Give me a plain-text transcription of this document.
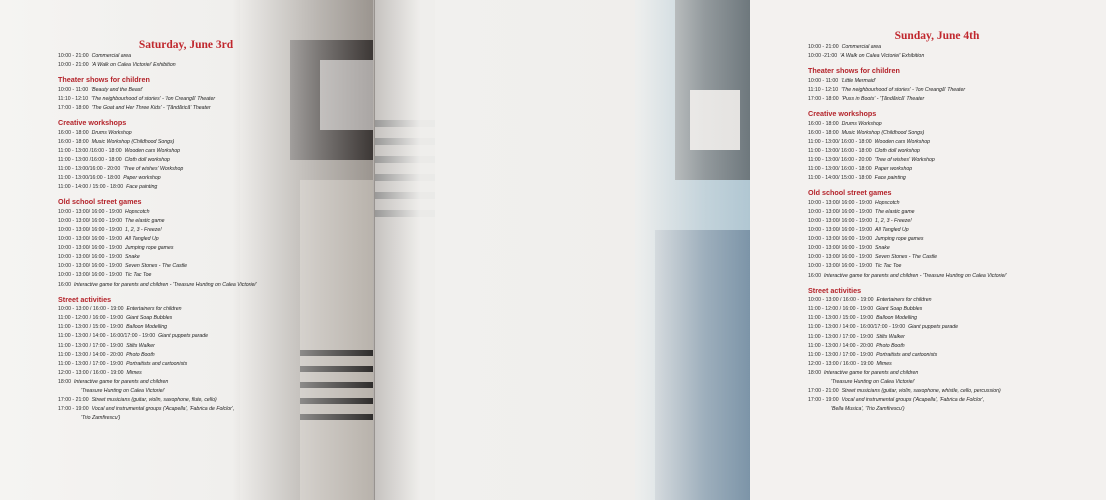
Saturday, June 3rd
10:00 - 21:00 Commercial area
10:00 - 21:00 'A Walk on Calea Victoriei' Exhibition
Theater shows for children
10:00 - 11:00 'Beauty and the Beast'
11:10 - 12:10 'The neighbourhood of stories' - 'Ion Creangă' Theater
17:00 - 18:00 'The Goat and Her Three Kids' - 'Țăndărică' Theater
Creative workshops
16:00 - 18:00 Drums Workshop
16:00 - 18:00 Music Workshop (Childhood Songs)
11:00 - 13:00 /16:00 - 18:00 Wooden cars Workshop
11:00 - 13:00 /16:00 - 18:00 Cloth doll workshop
11:00 - 13:00/16:00 - 20:00 'Tree of wishes' Workshop
11:00 - 13:00/16:00 - 18:00 Paper workshop
11:00 - 14:00 / 15:00 - 18:00 Face painting
Old school street games
10:00 - 13:00/ 16:00 - 19:00 Hopscotch
10:00 - 13:00/ 16:00 - 19:00 The elastic game
10:00 - 13:00/ 16:00 - 19:00 1, 2, 3 - Freeze!
10:00 - 13:00/ 16:00 - 19:00 All Tangled Up
10:00 - 13:00/ 16:00 - 19:00 Jumping rope games
10:00 - 13:00/ 16:00 - 19:00 Snake
10:00 - 13:00/ 16:00 - 19:00 Seven Stones - The Castle
10:00 - 13:00/ 16:00 - 19:00 Tic Tac Toe
16:00 Interactive game for parents and children - 'Treasure Hunting on Calea Victoriei'
Street activities
10:00 - 13:00 / 16:00 - 19:00 Entertainers for children
11:00 - 12:00 / 16:00 - 19:00 Giant Soap Bubbles
11:00 - 13:00 / 15:00 - 19:00 Balloon Modelling
11:00 - 13:00 / 14:00 - 16:00/17:00 - 19:00 Giant puppets parade
11:00 - 13:00 / 17:00 - 19:00 Stilts Walker
11:00 - 13:00 / 14:00 - 20:00 Photo Booth
11:00 - 13:00 / 17:00 - 19:00 Portraitists and cartoonists
12:00 - 13:00 / 16:00 - 19:00 Mimes
18:00 Interactive game for parents and children
'Treasure Hunting on Calea Victoriei'
17:00 - 21:00 Street musicians (guitar, violin, saxophone, flute, cello)
17:00 - 19:00 Vocal and instrumental groups ('Acapella', 'Fabrica de Folclor',
'Trio Zamfirescu')
Sunday, June 4th
10:00 - 21:00 Commercial area
10:00 -21:00 'A Walk on Calea Victoriei' Exhibition
Theater shows for children
10:00 - 11:00 'Little Mermaid'
11:10 - 12:10 'The neighbourhood of stories' - 'Ion Creangă' Theater
17:00 - 18:00 'Puss in Boots' - 'Țăndărică' Theater
Creative workshops
16:00 - 18:00 Drums Workshop
16:00 - 18:00 Music Workshop (Childhood Songs)
11:00 - 13:00/ 16:00 - 18:00 Wooden cars Workshop
11:00 - 13:00/ 16:00 - 18:00 Cloth doll workshop
11:00 - 13:00/ 16:00 - 20:00 'Tree of wishes' Workshop
11:00 - 13:00/ 16:00 - 18:00 Paper workshop
11:00 - 14:00/ 15:00 - 18:00 Face painting
Old school street games
10:00 - 13:00/ 16:00 - 19:00 Hopscotch
10:00 - 13:00/ 16:00 - 19:00 The elastic game
10:00 - 13:00/ 16:00 - 19:00 1, 2, 3 - Freeze!
10:00 - 13:00/ 16:00 - 19:00 All Tangled Up
10:00 - 13:00/ 16:00 - 19:00 Jumping rope games
10:00 - 13:00/ 16:00 - 19:00 Snake
10:00 - 13:00/ 16:00 - 19:00 Seven Stones - The Castle
10:00 - 13:00/ 16:00 - 19:00 Tic Tac Toe
16:00 Interactive game for parents and children - 'Treasure Hunting on Calea Victoriei'
Street activities
10:00 - 13:00 / 16:00 - 19:00 Entertainers for children
11:00 - 12:00 / 16:00 - 19:00 Giant Soap Bubbles
11:00 - 13:00 / 15:00 - 19:00 Balloon Modelling
11:00 - 13:00 / 14:00 - 16:00/17:00 - 19:00 Giant puppets parade
11:00 - 13:00 / 17:00 - 19:00 Stilts Walker
11:00 - 13:00 / 14:00 - 20:00 Photo Booth
11:00 - 13:00 / 17:00 - 19:00 Portraitists and cartoonists
12:00 - 13:00 / 16:00 - 19:00 Mimes
18:00 Interactive game for parents and children
'Treasure Hunting on Calea Victoriei'
17:00 - 21:00 Street musicians (guitar, violin, saxophone, whistle, cello, percussion)
17:00 - 19:00 Vocal and instrumental groups ('Acapella', 'Fabrica de Folclor',
'Bella Musica', 'Trio Zamfirescu')
